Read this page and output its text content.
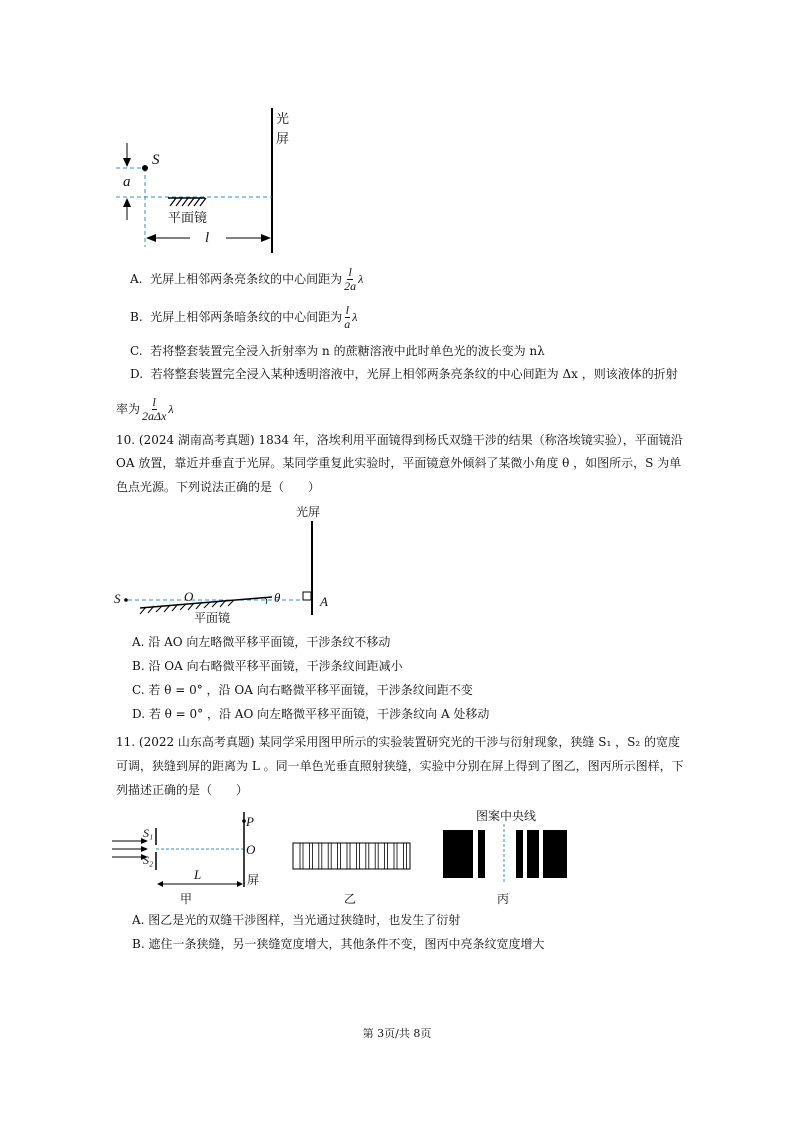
光
屏
S
a
平面镜
l
A. 光屏上相邻两条亮条纹的中心间距为 $\frac{l}{2a}$ λ
B. 光屏上相邻两条暗条纹的中心间距为 $\frac{l}{a}$ λ
C. 若将整套装置完全浸入折射率为 n 的蔗糖溶液中此时单色光的波长变为 nλ
D. 若将整套装置完全浸入某种透明溶液中，光屏上相邻两条亮条纹的中心间距为 Δx ，则该液体的折射
率为 $\frac{l}{\text{2aΔx}}$ λ
10. (2024 湖南高考真题) 1834 年，洛埃利用平面镜得到杨氏双缝干涉的结果（称洛埃镜实验），平面镜沿
OA 放置，靠近并垂直于光屏。某同学重复此实验时，平面镜意外倾斜了某微小角度 θ ，如图所示，S 为单
色点光源。下列说法正确的是（　　）
光屏
S	O	θ	A
平面镜
A. 沿 AO 向左略微平移平面镜，干涉条纹不移动
B. 沿 OA 向右略微平移平面镜，干涉条纹间距减小
C. 若 θ = 0° ，沿 OA 向右略微平移平面镜，干涉条纹间距不变
D. 若 θ = 0° ，沿 AO 向左略微平移平面镜，干涉条纹向 A 处移动
11. (2022 山东高考真题) 某同学采用图甲所示的实验装置研究光的干涉与衍射现象，狭缝 S₁ ，S₂ 的宽度
可调，狭缝到屏的距离为 L 。同一单色光垂直照射狭缝，实验中分别在屏上得到了图乙，图丙所示图样，下
列描述正确的是（　　）
S₁
S₂
P
O
L	屏
甲	乙	丙
图案中央线
A. 图乙是光的双缝干涉图样，当光通过狭缝时，也发生了衍射
B. 遮住一条狭缝，另一狭缝宽度增大，其他条件不变，图丙中亮条纹宽度增大
第 3页/共 8页
